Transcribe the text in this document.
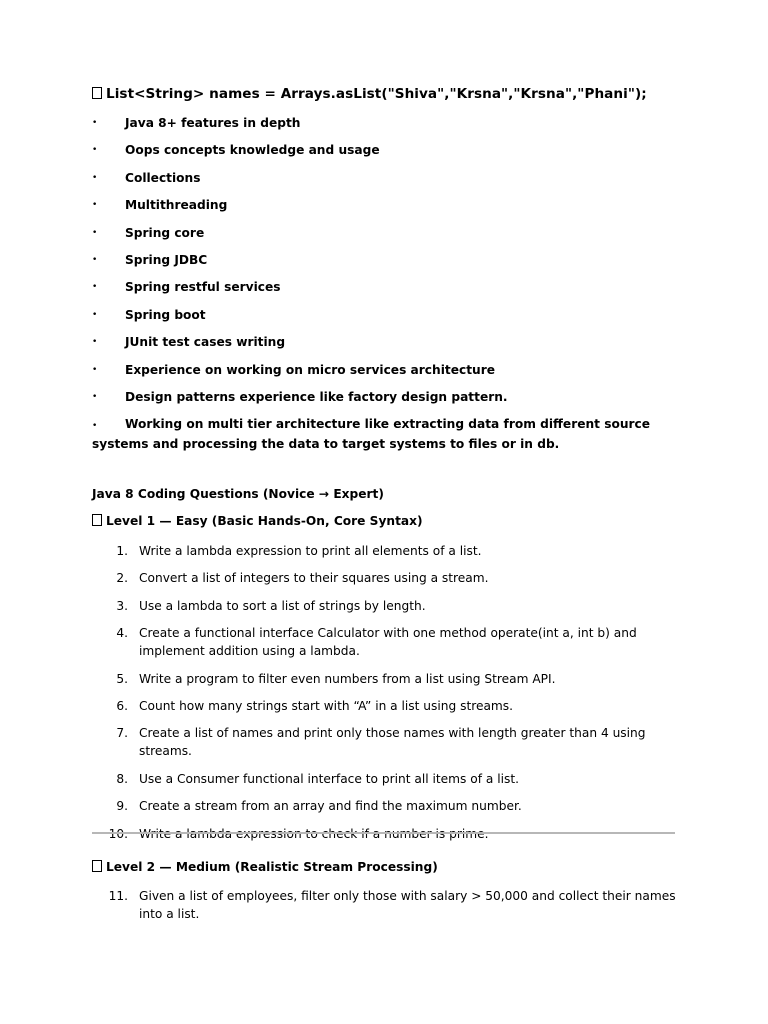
List<String> names = Arrays.asList("Shiva","Krsna","Krsna","Phani");
• Java 8+ features in depth
• Oops concepts knowledge and usage
• Collections
• Multithreading
• Spring core
• Spring JDBC
• Spring restful services
• Spring boot
• JUnit test cases writing
• Experience on working on micro services architecture
• Design patterns experience like factory design pattern.
• Working on multi tier architecture like extracting data from different source systems and processing the data to target systems to files or in db.
Java 8 Coding Questions (Novice → Expert)
Level 1 — Easy (Basic Hands-On, Core Syntax)
1. Write a lambda expression to print all elements of a list.
2. Convert a list of integers to their squares using a stream.
3. Use a lambda to sort a list of strings by length.
4. Create a functional interface Calculator with one method operate(int a, int b) and implement addition using a lambda.
5. Write a program to filter even numbers from a list using Stream API.
6. Count how many strings start with “A” in a list using streams.
7. Create a list of names and print only those names with length greater than 4 using streams.
8. Use a Consumer functional interface to print all items of a list.
9. Create a stream from an array and find the maximum number.
10. Write a lambda expression to check if a number is prime.
Level 2 — Medium (Realistic Stream Processing)
11. Given a list of employees, filter only those with salary > 50,000 and collect their names into a list.
